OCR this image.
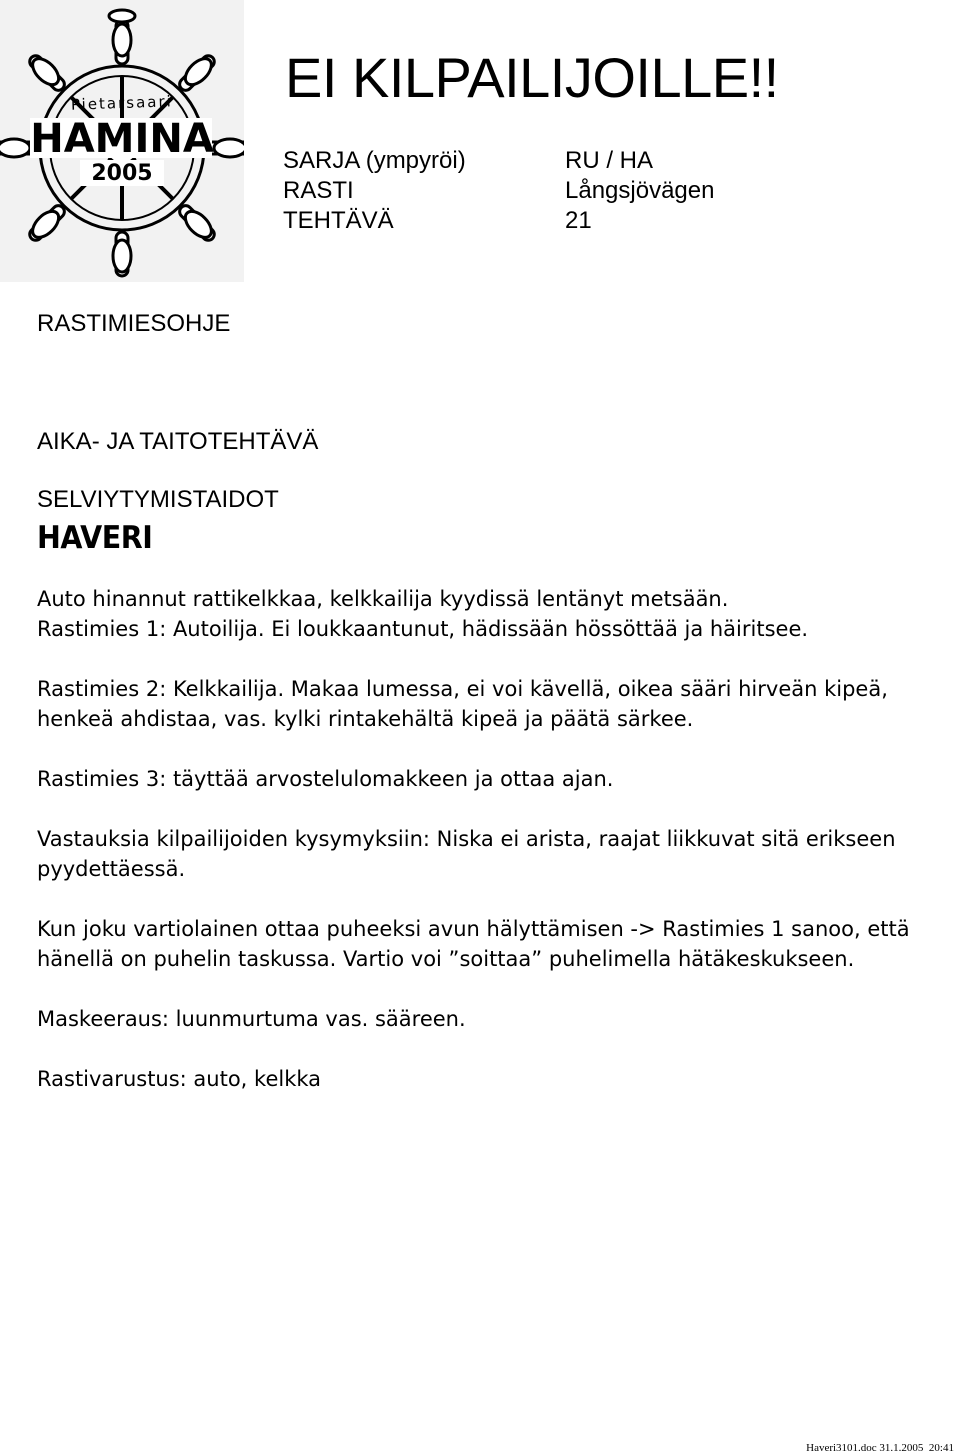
Pietarsaari
HAMINA
2005
EI KILPAILIJOILLE!!
SARJA (ympyröi)	RU / HA
RASTI	Långsjövägen
TEHTÄVÄ	21
RASTIMIESOHJE
AIKA- JA TAITOTEHTÄVÄ
SELVIYTYMISTAIDOT
HAVERI

Auto hinannut rattikelkkaa, kelkkailija kyydissä lentänyt metsään.

Rastimies 1: Autoilija. Ei loukkaantunut, hädissään hössöttää ja häiritsee.

Rastimies 2: Kelkkailija. Makaa lumessa, ei voi kävellä, oikea sääri hirveän kipeä, henkeä ahdistaa, vas. kylki rintakehältä kipeä ja päätä särkee.

Rastimies 3: täyttää arvostelulomakkeen ja ottaa ajan.

Vastauksia kilpailijoiden kysymyksiin: Niska ei arista, raajat liikkuvat sitä erikseen pyydettäessä.

Kun joku vartiolainen ottaa puheeksi avun hälyttämisen -> Rastimies 1 sanoo, että hänellä on puhelin taskussa. Vartio voi ”soittaa” puhelimella hätäkeskukseen.

Maskeeraus: luunmurtuma vas. sääreen.

Rastivarustus: auto, kelkka

Haveri3101.doc 31.1.2005  20:41
